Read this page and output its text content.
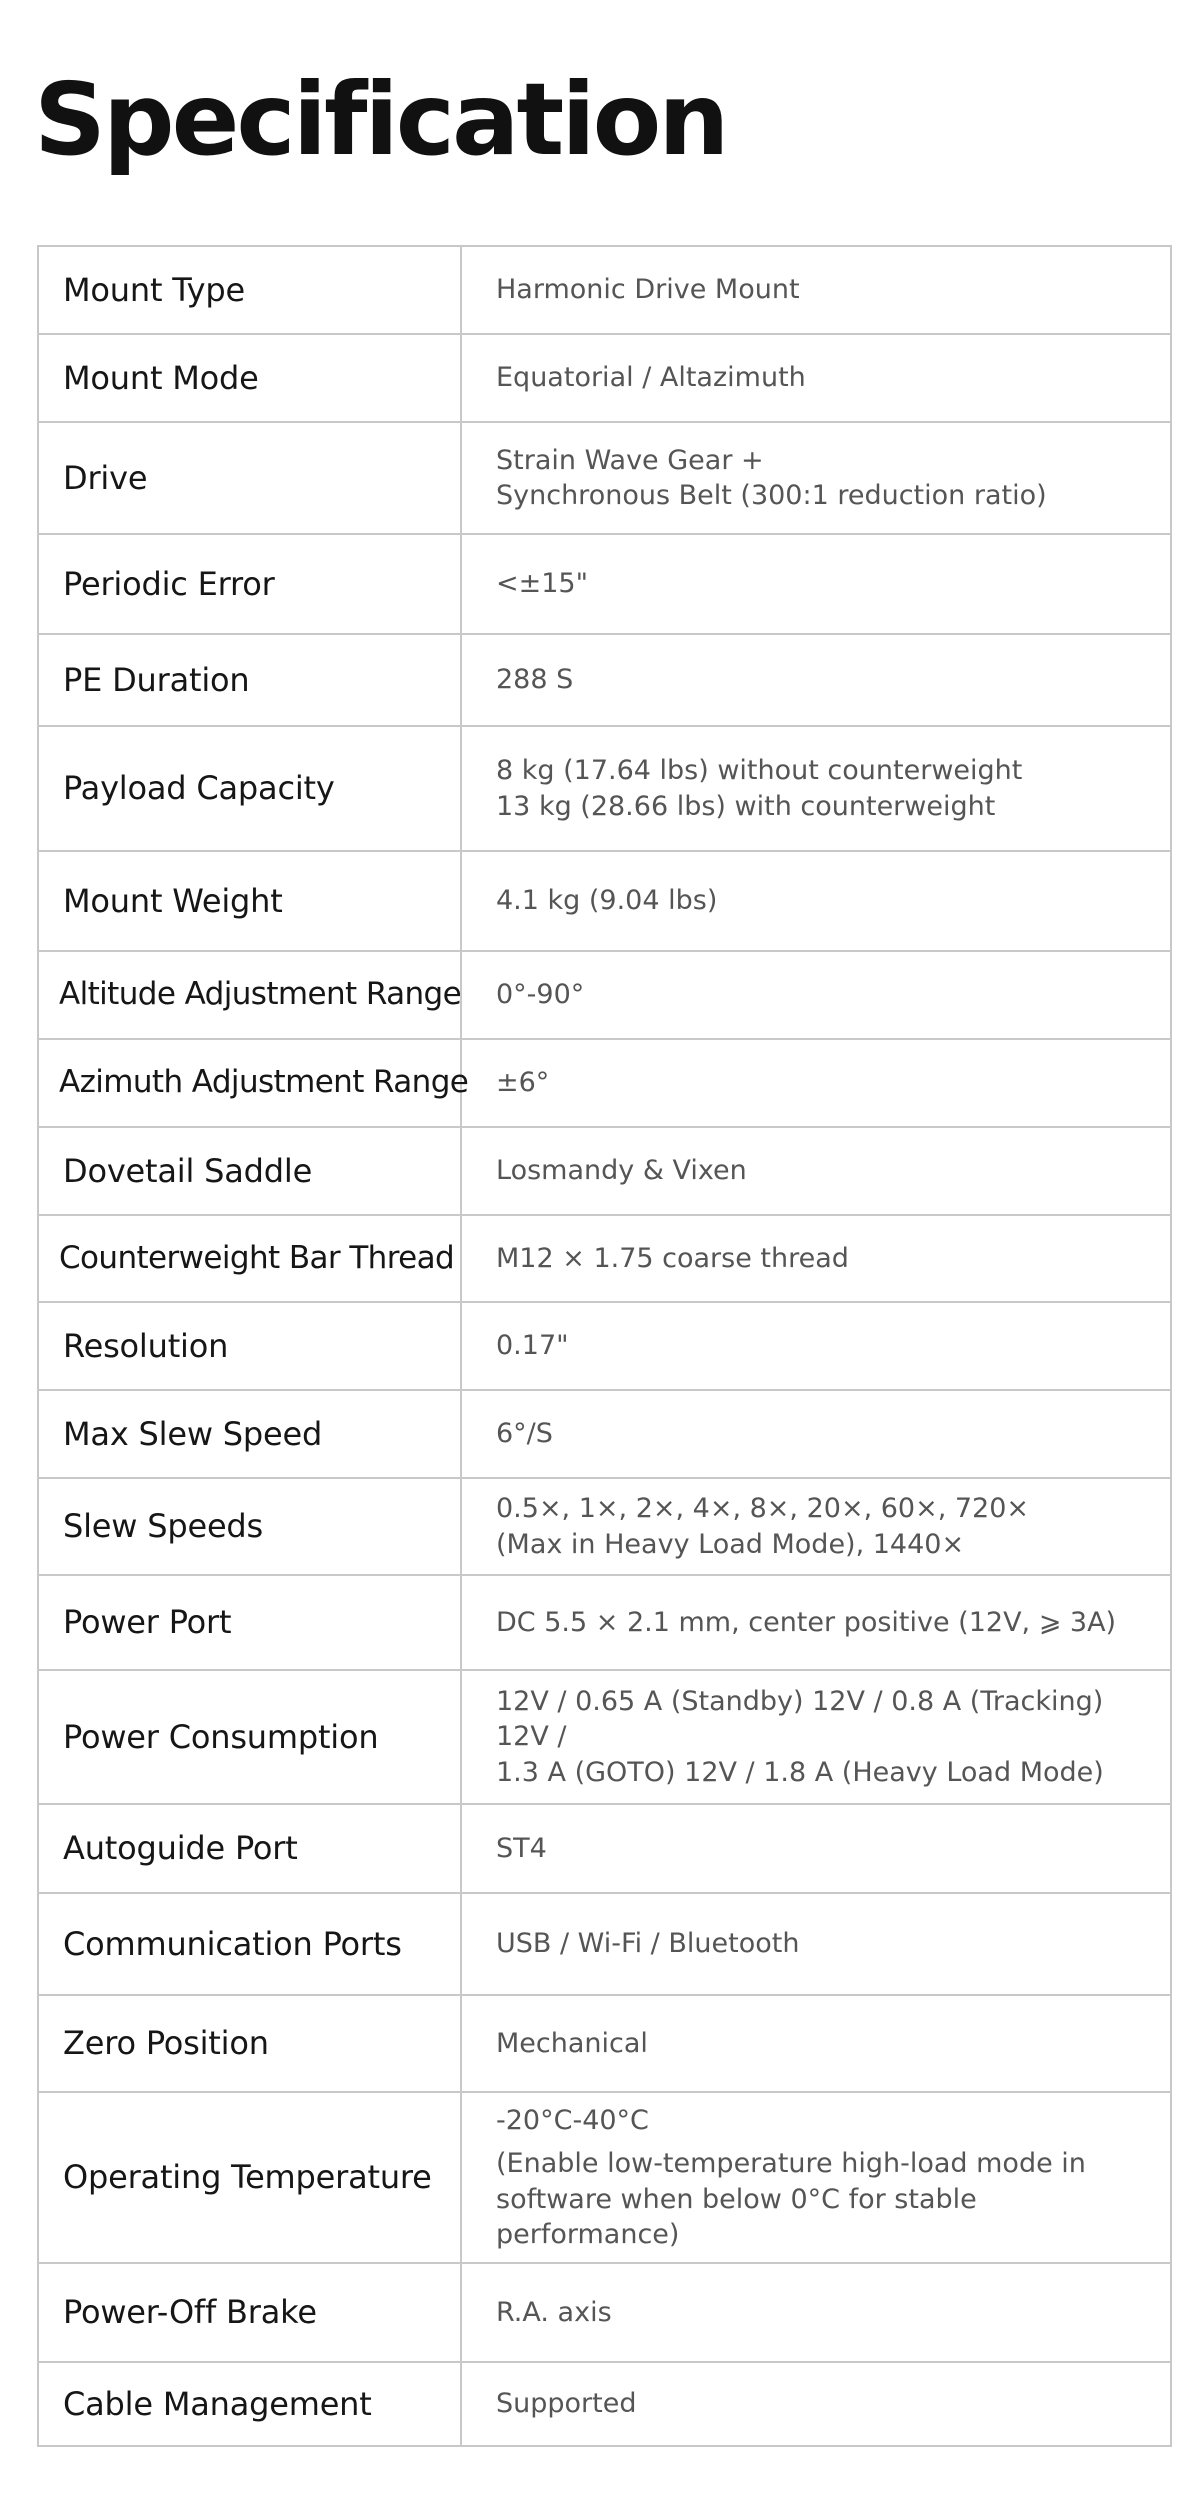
Specification
Mount Type	Harmonic Drive Mount

Mount Mode	Equatorial / Altazimuth

Drive	Strain Wave Gear +
Synchronous Belt (300:1 reduction ratio)

Periodic Error	<±15"

PE Duration	288 S

Payload Capacity	8 kg (17.64 lbs) without counterweight
13 kg (28.66 lbs) with counterweight

Mount Weight	4.1 kg (9.04 lbs)

Altitude Adjustment Range	0°-90°

Azimuth Adjustment Range	±6°

Dovetail Saddle	Losmandy & Vixen

Counterweight Bar Thread	M12 × 1.75 coarse thread

Resolution	0.17"

Max Slew Speed	6°/S

Slew Speeds	0.5×, 1×, 2×, 4×, 8×, 20×, 60×, 720×
(Max in Heavy Load Mode), 1440×

Power Port	DC 5.5 × 2.1 mm, center positive (12V, ⩾ 3A)

Power Consumption	12V / 0.65 A (Standby) 12V / 0.8 A (Tracking) 12V /
1.3 A (GOTO) 12V / 1.8 A (Heavy Load Mode)

Autoguide Port	ST4

Communication Ports	USB / Wi-Fi / Bluetooth

Zero Position	Mechanical

Operating Temperature	-20°C-40°C
(Enable low-temperature high-load mode in
software when below 0°C for stable performance)

Power-Off Brake	R.A. axis

Cable Management	Supported
